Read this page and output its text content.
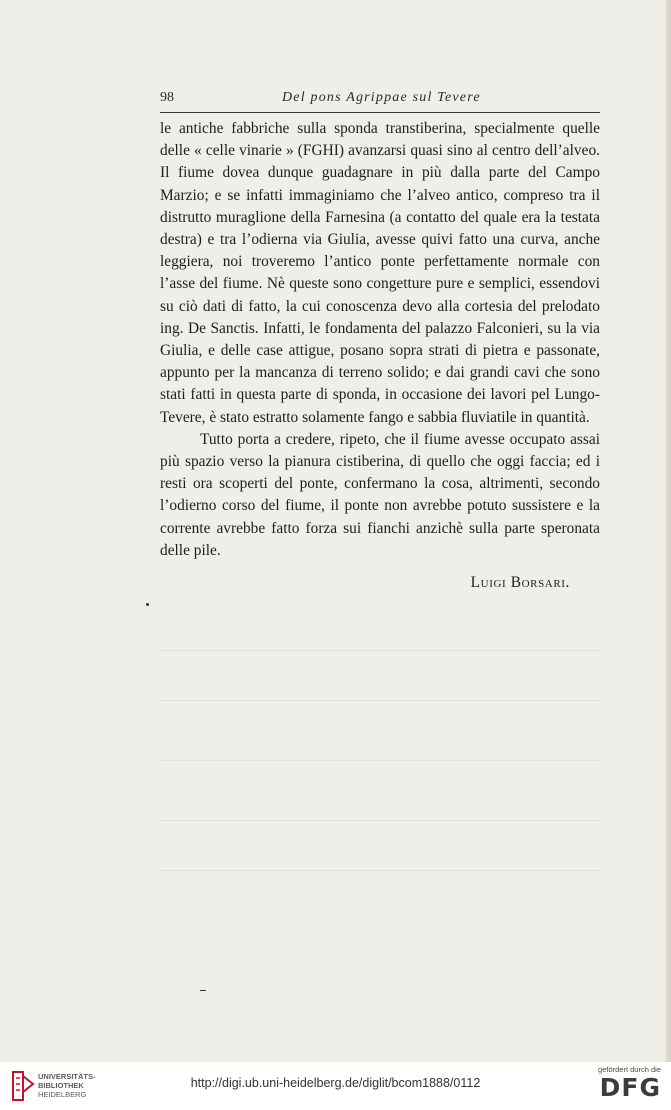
98	Del pons Agrippae sul Tevere

le antiche fabbriche sulla sponda transtiberina, specialmente quelle delle « celle vinarie » (FGHI) avanzarsi quasi sino al centro dell’alveo. Il fiume dovea dunque guadagnare in più dalla parte del Campo Marzio; e se infatti immaginiamo che l’alveo antico, compreso tra il distrutto muraglione della Farnesina (a contatto del quale era la testata destra) e tra l’odierna via Giulia, avesse quivi fatto una curva, anche leggiera, noi troveremo l’antico ponte perfettamente normale con l’asse del fiume. Nè queste sono congetture pure e semplici, essendovi su ciò dati di fatto, la cui conoscenza devo alla cortesia del prelodato ing. De Sanctis. Infatti, le fondamenta del palazzo Falconieri, su la via Giulia, e delle case attigue, posano sopra strati di pietra e passonate, appunto per la mancanza di terreno solido; e dai grandi cavi che sono stati fatti in questa parte di sponda, in occasione dei lavori pel Lungo-Tevere, è stato estratto solamente fango e sabbia fluviatile in quantità.

Tutto porta a credere, ripeto, che il fiume avesse occupato assai più spazio verso la pianura cistiberina, di quello che oggi faccia; ed i resti ora scoperti del ponte, confermano la cosa, altrimenti, secondo l’odierno corso del fiume, il ponte non avrebbe potuto sussistere e la corrente avrebbe fatto forza sui fianchi anzichè sulla parte speronata delle pile.

Luigi Borsari.

UNIVERSITÄTS-
BIBLIOTHEK
HEIDELBERG
http://digi.ub.uni-heidelberg.de/diglit/bcom1888/0112
gefördert durch die
DFG
